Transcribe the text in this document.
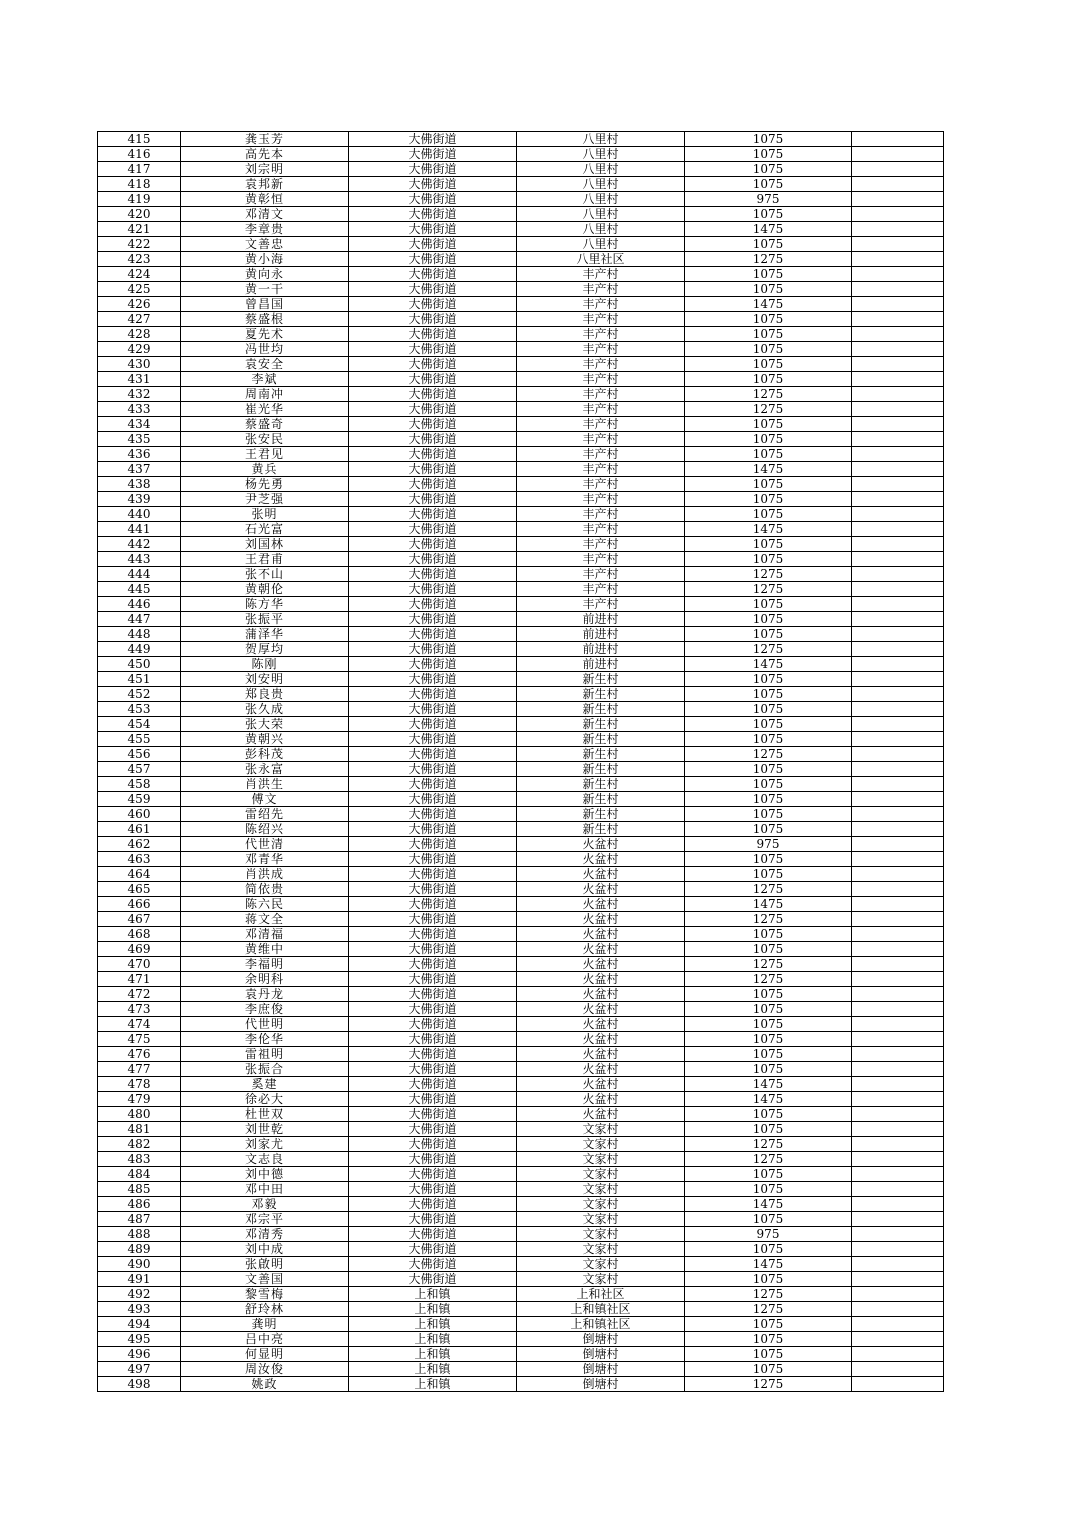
415	龚玉芳	大佛街道	八里村	1075	
416	高先本	大佛街道	八里村	1075	
417	刘宗明	大佛街道	八里村	1075	
418	袁邦新	大佛街道	八里村	1075	
419	黄彰恒	大佛街道	八里村	975	
420	邓清文	大佛街道	八里村	1075	
421	李章贵	大佛街道	八里村	1475	
422	文善忠	大佛街道	八里村	1075	
423	黄小海	大佛街道	八里社区	1275	
424	黄向永	大佛街道	丰产村	1075	
425	黄一干	大佛街道	丰产村	1075	
426	曾昌国	大佛街道	丰产村	1475	
427	蔡盛根	大佛街道	丰产村	1075	
428	夏先术	大佛街道	丰产村	1075	
429	冯世均	大佛街道	丰产村	1075	
430	袁安全	大佛街道	丰产村	1075	
431	李斌	大佛街道	丰产村	1075	
432	周南冲	大佛街道	丰产村	1275	
433	崔光华	大佛街道	丰产村	1275	
434	蔡盛奇	大佛街道	丰产村	1075	
435	张安民	大佛街道	丰产村	1075	
436	王君见	大佛街道	丰产村	1075	
437	黄兵	大佛街道	丰产村	1475	
438	杨先勇	大佛街道	丰产村	1075	
439	尹芝强	大佛街道	丰产村	1075	
440	张明	大佛街道	丰产村	1075	
441	石光富	大佛街道	丰产村	1475	
442	刘国林	大佛街道	丰产村	1075	
443	王君甫	大佛街道	丰产村	1075	
444	张不山	大佛街道	丰产村	1275	
445	黄朝伦	大佛街道	丰产村	1275	
446	陈方华	大佛街道	丰产村	1075	
447	张振平	大佛街道	前进村	1075	
448	蒲泽华	大佛街道	前进村	1075	
449	贺厚均	大佛街道	前进村	1275	
450	陈刚	大佛街道	前进村	1475	
451	刘安明	大佛街道	新生村	1075	
452	郑良贵	大佛街道	新生村	1075	
453	张久成	大佛街道	新生村	1075	
454	张大荣	大佛街道	新生村	1075	
455	黄朝兴	大佛街道	新生村	1075	
456	彭科茂	大佛街道	新生村	1275	
457	张永富	大佛街道	新生村	1075	
458	肖洪生	大佛街道	新生村	1075	
459	傅文	大佛街道	新生村	1075	
460	雷绍先	大佛街道	新生村	1075	
461	陈绍兴	大佛街道	新生村	1075	
462	代世清	大佛街道	火盆村	975	
463	邓青华	大佛街道	火盆村	1075	
464	肖洪成	大佛街道	火盆村	1075	
465	简依贵	大佛街道	火盆村	1275	
466	陈六民	大佛街道	火盆村	1475	
467	蒋文全	大佛街道	火盆村	1275	
468	邓清福	大佛街道	火盆村	1075	
469	黄维中	大佛街道	火盆村	1075	
470	李福明	大佛街道	火盆村	1275	
471	余明科	大佛街道	火盆村	1275	
472	袁丹龙	大佛街道	火盆村	1075	
473	李庶俊	大佛街道	火盆村	1075	
474	代世明	大佛街道	火盆村	1075	
475	李伦华	大佛街道	火盆村	1075	
476	雷祖明	大佛街道	火盆村	1075	
477	张振合	大佛街道	火盆村	1075	
478	奚建	大佛街道	火盆村	1475	
479	徐必大	大佛街道	火盆村	1475	
480	杜世双	大佛街道	火盆村	1075	
481	刘世乾	大佛街道	文家村	1075	
482	刘家尤	大佛街道	文家村	1275	
483	文志良	大佛街道	文家村	1275	
484	刘中德	大佛街道	文家村	1075	
485	邓中田	大佛街道	文家村	1075	
486	邓毅	大佛街道	文家村	1475	
487	邓宗平	大佛街道	文家村	1075	
488	邓清秀	大佛街道	文家村	975	
489	刘中成	大佛街道	文家村	1075	
490	张啟明	大佛街道	文家村	1475	
491	文善国	大佛街道	文家村	1075	
492	黎雪梅	上和镇	上和社区	1275	
493	舒玲林	上和镇	上和镇社区	1275	
494	龚明	上和镇	上和镇社区	1075	
495	吕中亮	上和镇	倒塘村	1075	
496	何显明	上和镇	倒塘村	1075	
497	周汝俊	上和镇	倒塘村	1075	
498	姚政	上和镇	倒塘村	1275	
